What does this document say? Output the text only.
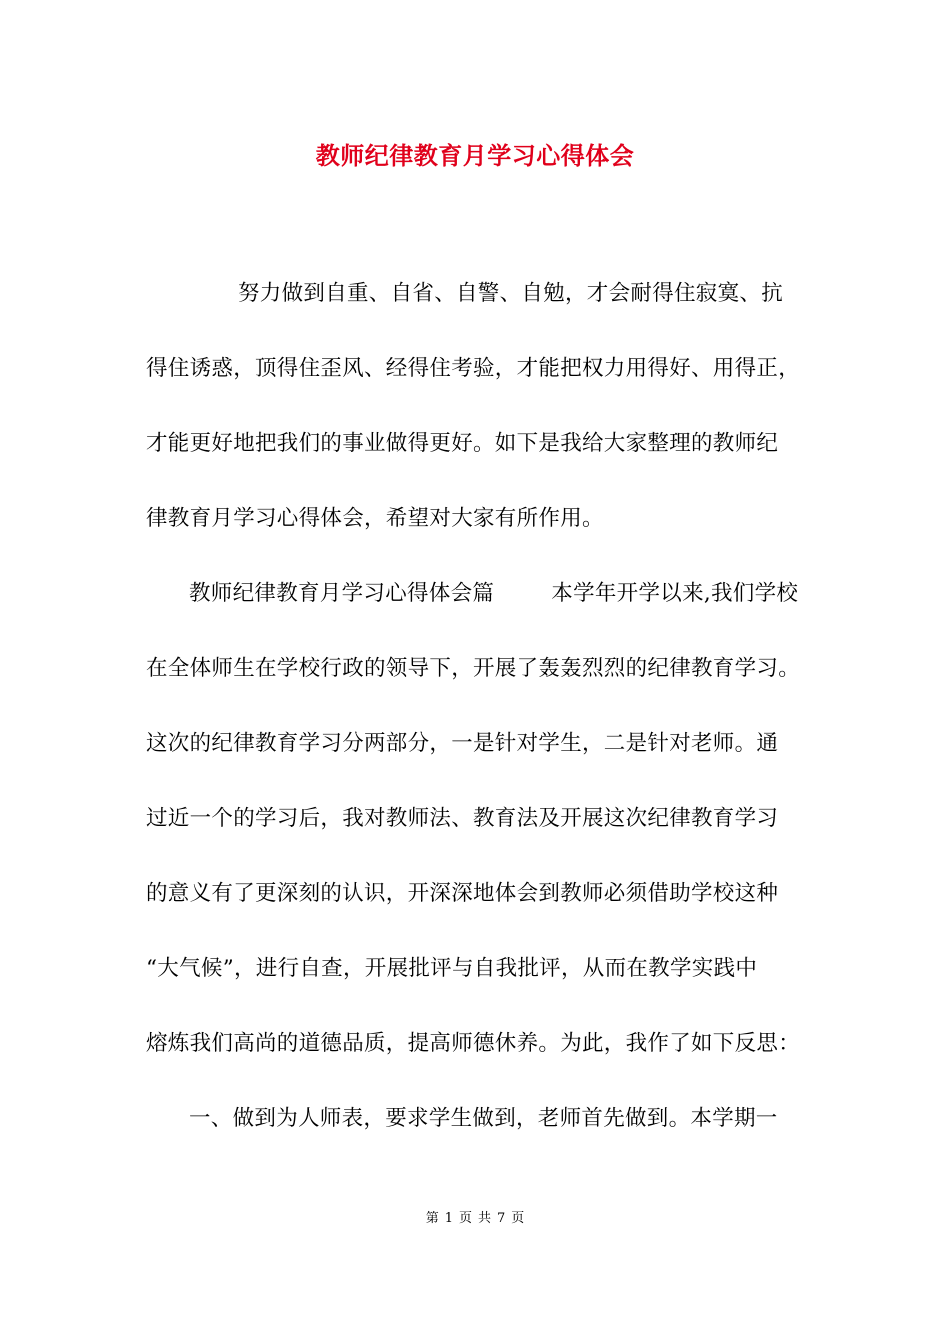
教师纪律教育月学习心得体会
努力做到自重、自省、自警、自勉，才会耐得住寂寞、抗
得住诱惑，顶得住歪风、经得住考验，才能把权力用得好、用得正，
才能更好地把我们的事业做得更好。如下是我给大家整理的教师纪
律教育月学习心得体会，希望对大家有所作用。
教师纪律教育月学习心得体会篇        本学年开学以来,我们学校
在全体师生在学校行政的领导下，开展了轰轰烈烈的纪律教育学习。
这次的纪律教育学习分两部分，一是针对学生，二是针对老师。通
过近一个的学习后，我对教师法、教育法及开展这次纪律教育学习
的意义有了更深刻的认识，开深深地体会到教师必须借助学校这种
“大气候”，进行自查，开展批评与自我批评，从而在教学实践中
熔炼我们高尚的道德品质，提高师德休养。为此，我作了如下反思：
一、做到为人师表，要求学生做到，老师首先做到。本学期一
第 1 页 共 7 页
